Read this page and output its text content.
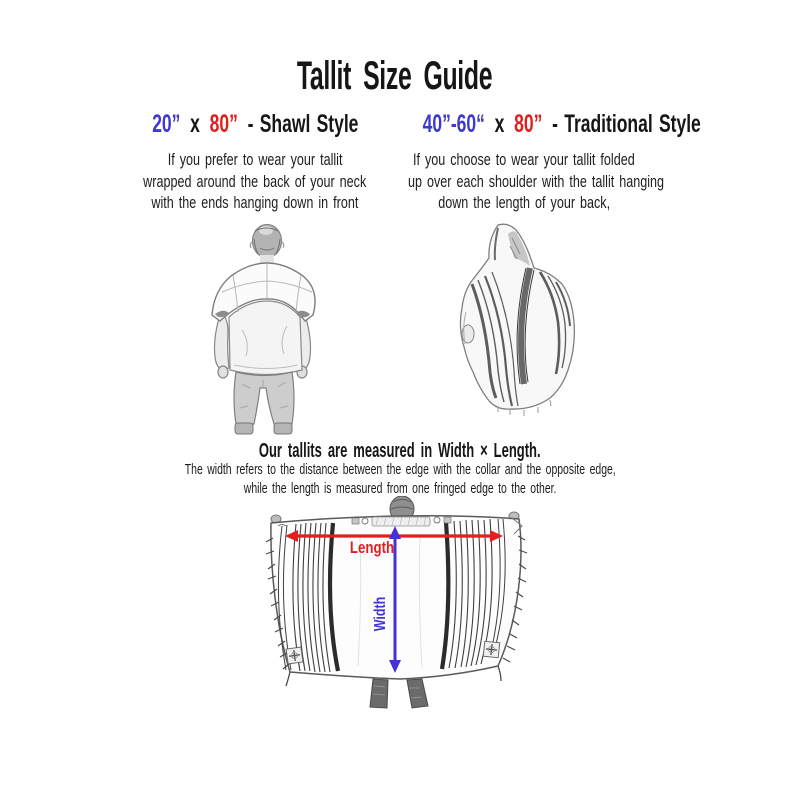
Tallit Size Guide
20” x 80” - Shawl Style	40”-60“ x 80” - Traditional Style
If you prefer to wear your tallit
wrapped around the back of your neck
with the ends hanging down in front
If you choose to wear your tallit folded
up over each shoulder with the tallit hanging
down the length of your back,
Our tallits are measured in Width × Length.
The width refers to the distance between the edge with the collar and the opposite edge,
while the length is measured from one fringed edge to the other.
Length
Width
